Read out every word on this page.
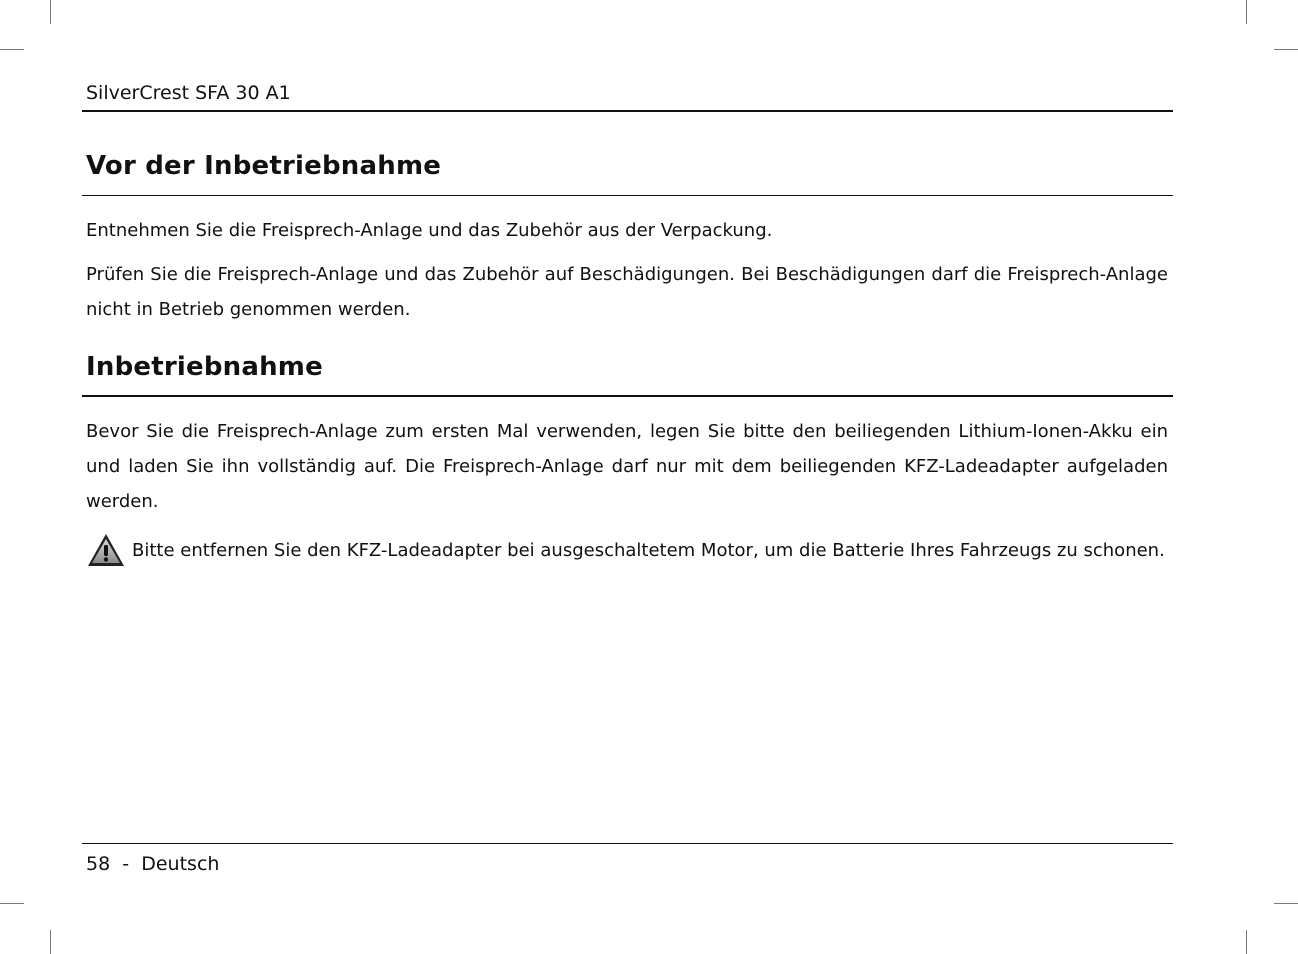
SilverCrest SFA 30 A1
Vor der Inbetriebnahme
Entnehmen Sie die Freisprech-Anlage und das Zubehör aus der Verpackung.
Prüfen Sie die Freisprech-Anlage und das Zubehör auf Beschädigungen. Bei Beschädigungen darf die Freisprech-Anlage nicht in Betrieb genommen werden.
Inbetriebnahme
Bevor Sie die Freisprech-Anlage zum ersten Mal verwenden, legen Sie bitte den beiliegenden Lithium-Ionen-Akku ein und laden Sie ihn vollständig auf. Die Freisprech-Anlage darf nur mit dem beiliegenden KFZ-Ladeadapter aufgeladen werden.
Bitte entfernen Sie den KFZ-Ladeadapter bei ausgeschaltetem Motor, um die Batterie Ihres Fahrzeugs zu schonen.
58 - Deutsch
